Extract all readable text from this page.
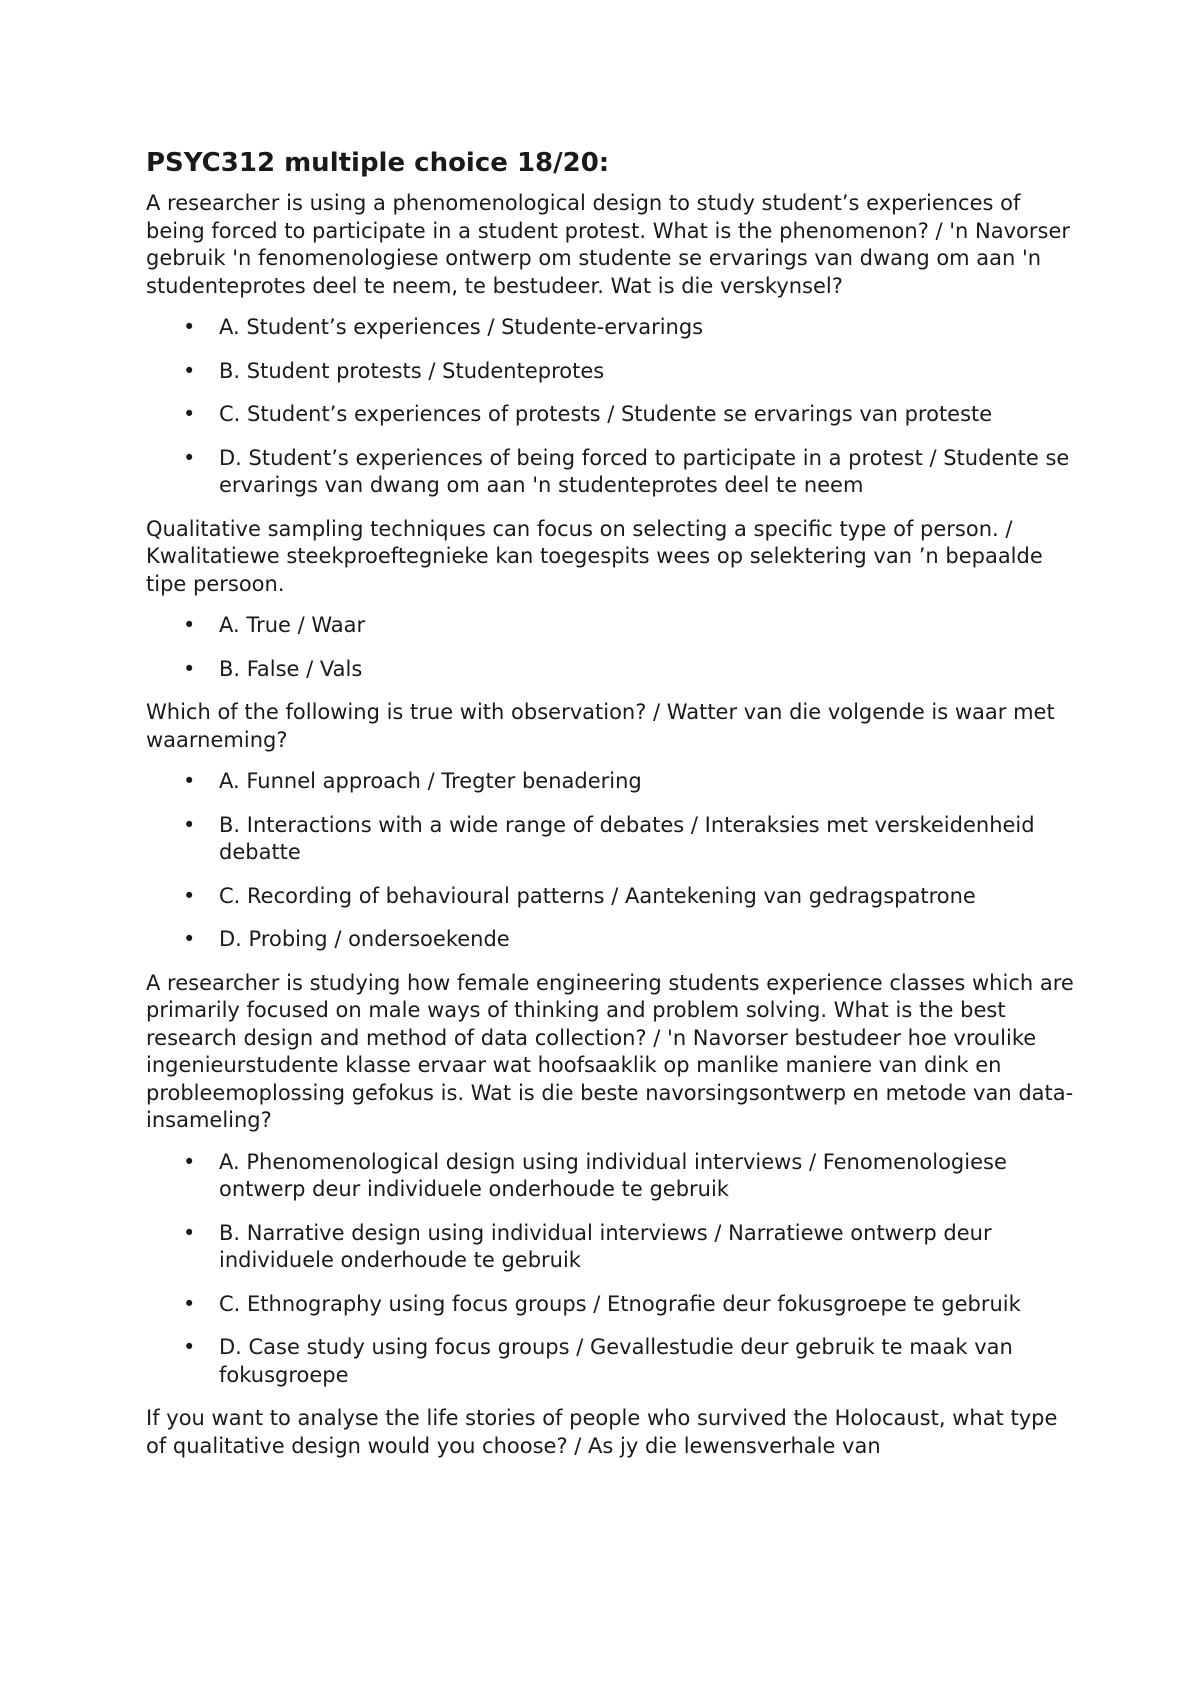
PSYC312 multiple choice 18/20:

A researcher is using a phenomenological design to study student’s experiences of being forced to participate in a student protest. What is the phenomenon? / 'n Navorser gebruik 'n fenomenologiese ontwerp om studente se ervarings van dwang om aan 'n studenteprotes deel te neem, te bestudeer. Wat is die verskynsel?

• A. Student’s experiences / Studente-ervarings
• B. Student protests / Studenteprotes
• C. Student’s experiences of protests / Studente se ervarings van proteste
• D. Student’s experiences of being forced to participate in a protest / Studente se ervarings van dwang om aan 'n studenteprotes deel te neem

Qualitative sampling techniques can focus on selecting a specific type of person. / Kwalitatiewe steekproeftegnieke kan toegespits wees op selektering van ’n bepaalde tipe persoon.

• A. True / Waar
• B. False / Vals

Which of the following is true with observation? / Watter van die volgende is waar met waarneming?

• A. Funnel approach / Tregter benadering
• B. Interactions with a wide range of debates / Interaksies met verskeidenheid debatte
• C. Recording of behavioural patterns / Aantekening van gedragspatrone
• D. Probing / ondersoekende

A researcher is studying how female engineering students experience classes which are primarily focused on male ways of thinking and problem solving. What is the best research design and method of data collection? / 'n Navorser bestudeer hoe vroulike ingenieurstudente klasse ervaar wat hoofsaaklik op manlike maniere van dink en probleemoplossing gefokus is. Wat is die beste navorsingsontwerp en metode van data-insameling?

• A. Phenomenological design using individual interviews / Fenomenologiese ontwerp deur individuele onderhoude te gebruik
• B. Narrative design using individual interviews / Narratiewe ontwerp deur individuele onderhoude te gebruik
• C. Ethnography using focus groups / Etnografie deur fokusgroepe te gebruik
• D. Case study using focus groups / Gevallestudie deur gebruik te maak van fokusgroepe

If you want to analyse the life stories of people who survived the Holocaust, what type of qualitative design would you choose? / As jy die lewensverhale van
